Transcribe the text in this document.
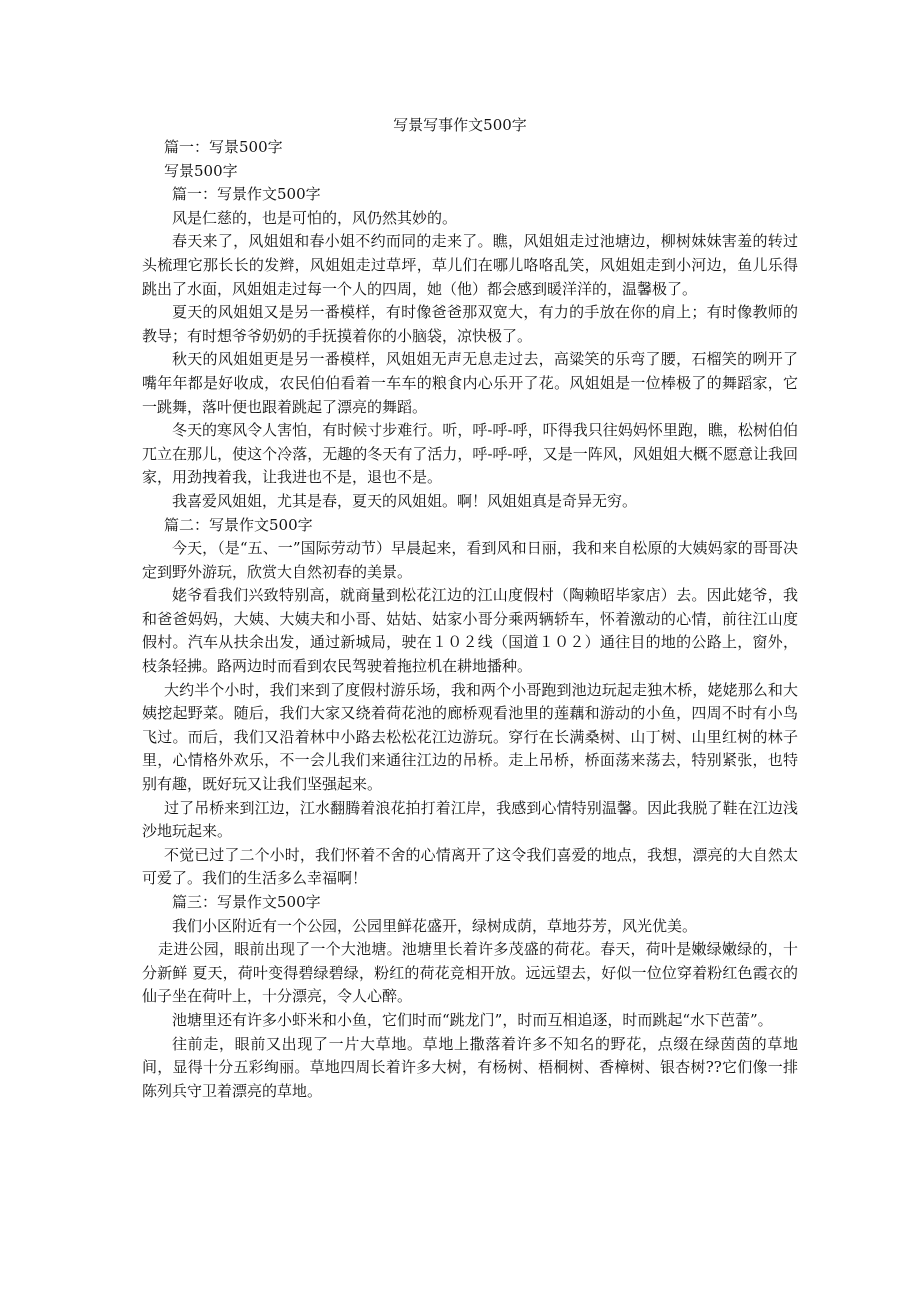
写景写事作文500字

篇一：写景500字

写景500字

篇一：写景作文500字

风是仁慈的，也是可怕的，风仍然其妙的。

春天来了，风姐姐和春小姐不约而同的走来了。瞧，风姐姐走过池塘边，柳树妹妹害羞的转过头梳理它那长长的发辫，风姐姐走过草坪，草儿们在哪儿咯咯乱笑，风姐姐走到小河边，鱼儿乐得跳出了水面，风姐姐走过每一个人的四周，她（他）都会感到暖洋洋的，温馨极了。

夏天的风姐姐又是另一番模样，有时像爸爸那双宽大，有力的手放在你的肩上；有时像教师的教导；有时想爷爷奶奶的手抚摸着你的小脑袋，凉快极了。

秋天的风姐姐更是另一番模样，风姐姐无声无息走过去，高粱笑的乐弯了腰，石榴笑的咧开了嘴年年都是好收成，农民伯伯看着一车车的粮食内心乐开了花。风姐姐是一位棒极了的舞蹈家，它一跳舞，落叶便也跟着跳起了漂亮的舞蹈。

冬天的寒风令人害怕，有时候寸步难行。听，呼-呼-呼，吓得我只往妈妈怀里跑，瞧，松树伯伯兀立在那儿，使这个冷落，无趣的冬天有了活力，呼-呼-呼，又是一阵风，风姐姐大概不愿意让我回家，用劲拽着我，让我进也不是，退也不是。

我喜爱风姐姐，尤其是春，夏天的风姐姐。啊！风姐姐真是奇异无穷。

篇二：写景作文500字

今天，（是“五、一”国际劳动节）早晨起来，看到风和日丽，我和来自松原的大姨妈家的哥哥决定到野外游玩，欣赏大自然初春的美景。

姥爷看我们兴致特别高，就商量到松花江边的江山度假村（陶赖昭毕家店）去。因此姥爷，我和爸爸妈妈，大姨、大姨夫和小哥、姑姑、姑家小哥分乘两辆轿车，怀着激动的心情，前往江山度假村。汽车从扶余出发，通过新城局，驶在１０２线（国道１０２）通往目的地的公路上，窗外，枝条轻拂。路两边时而看到农民驾驶着拖拉机在耕地播种。

大约半个小时，我们来到了度假村游乐场，我和两个小哥跑到池边玩起走独木桥，姥姥那么和大姨挖起野菜。随后，我们大家又绕着荷花池的廊桥观看池里的莲藕和游动的小鱼，四周不时有小鸟飞过。而后，我们又沿着林中小路去松松花江边游玩。穿行在长满桑树、山丁树、山里红树的林子里，心情格外欢乐，不一会儿我们来通往江边的吊桥。走上吊桥，桥面荡来荡去，特别紧张，也特别有趣，既好玩又让我们坚强起来。

过了吊桥来到江边，江水翻腾着浪花拍打着江岸，我感到心情特别温馨。因此我脱了鞋在江边浅沙地玩起来。

不觉已过了二个小时，我们怀着不舍的心情离开了这令我们喜爱的地点，我想，漂亮的大自然太可爱了。我们的生活多么幸福啊！

篇三：写景作文500字

我们小区附近有一个公园，公园里鲜花盛开，绿树成荫，草地芬芳，风光优美。

走进公园，眼前出现了一个大池塘。池塘里长着许多茂盛的荷花。春天，荷叶是嫩绿嫩绿的，十分新鲜 夏天，荷叶变得碧绿碧绿，粉红的荷花竞相开放。远远望去，好似一位位穿着粉红色霞衣的仙子坐在荷叶上，十分漂亮，令人心醉。

池塘里还有许多小虾米和小鱼，它们时而“跳龙门”，时而互相追逐，时而跳起“水下芭蕾”。

往前走，眼前又出现了一片大草地。草地上撒落着许多不知名的野花，点缀在绿茵茵的草地间，显得十分五彩绚丽。草地四周长着许多大树，有杨树、梧桐树、香樟树、银杏树??它们像一排陈列兵守卫着漂亮的草地。
